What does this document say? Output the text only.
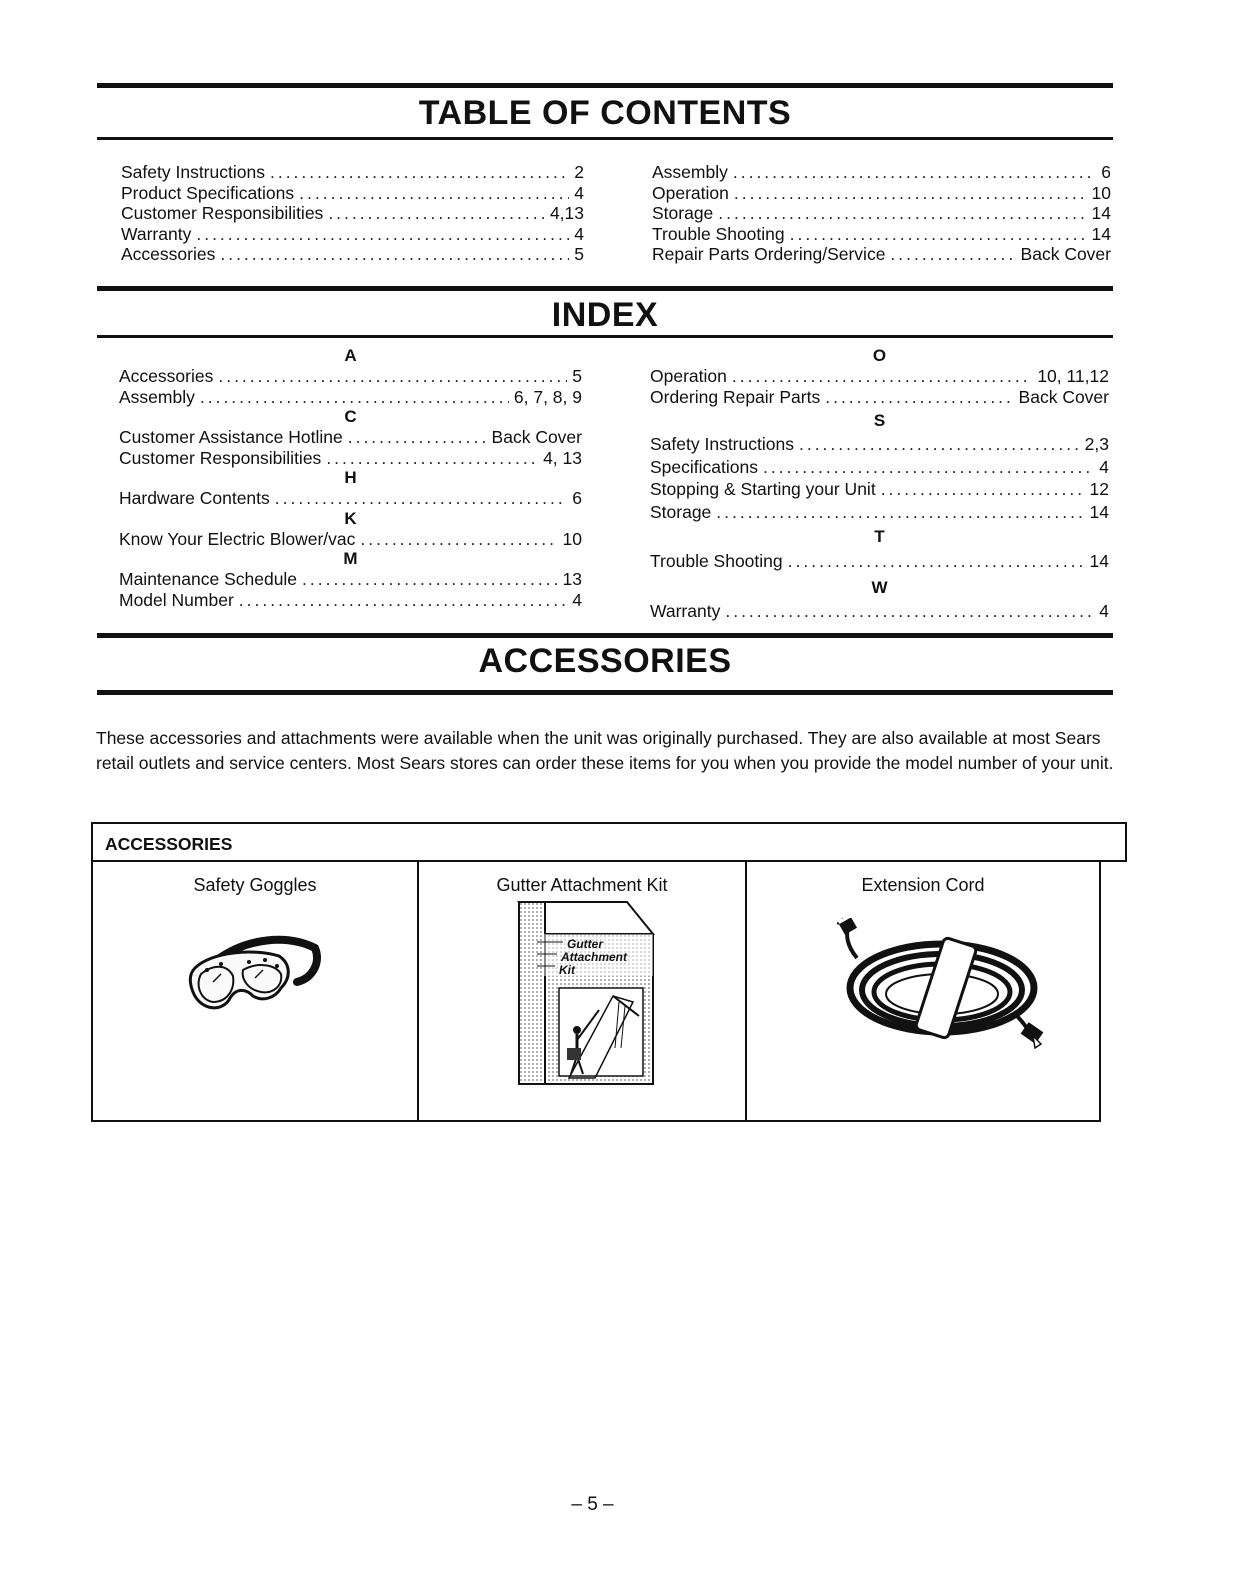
TABLE OF CONTENTS
Safety Instructions .....	2
Product Specifications .....	4
Customer Responsibilities .....	4,13
Warranty .....	4
Accessories .....	5
Assembly .....	6
Operation .....	10
Storage .....	14
Trouble Shooting .....	14
Repair Parts Ordering/Service .....	Back Cover
INDEX
A
Accessories .....	5
Assembly .....	6, 7, 8, 9
C
Customer Assistance Hotline .....	Back Cover
Customer Responsibilities .....	4, 13
H
Hardware Contents .....	6
K
Know Your Electric Blower/vac .....	10
M
Maintenance Schedule .....	13
Model Number .....	4
O
Operation .....	10, 11,12
Ordering Repair Parts .....	Back Cover
S
Safety Instructions .....	2,3
Specifications .....	4
Stopping & Starting your Unit .....	12
Storage .....	14
T
Trouble Shooting .....	14
W
Warranty .....	4
ACCESSORIES

These accessories and attachments were available when the unit was originally purchased. They are also available at most Sears retail outlets and service centers. Most Sears stores can order these items for you when you provide the model number of your unit.

ACCESSORIES
Safety Goggles	Gutter Attachment Kit
Gutter
Attachment
Kit
Extension Cord
– 5 –
